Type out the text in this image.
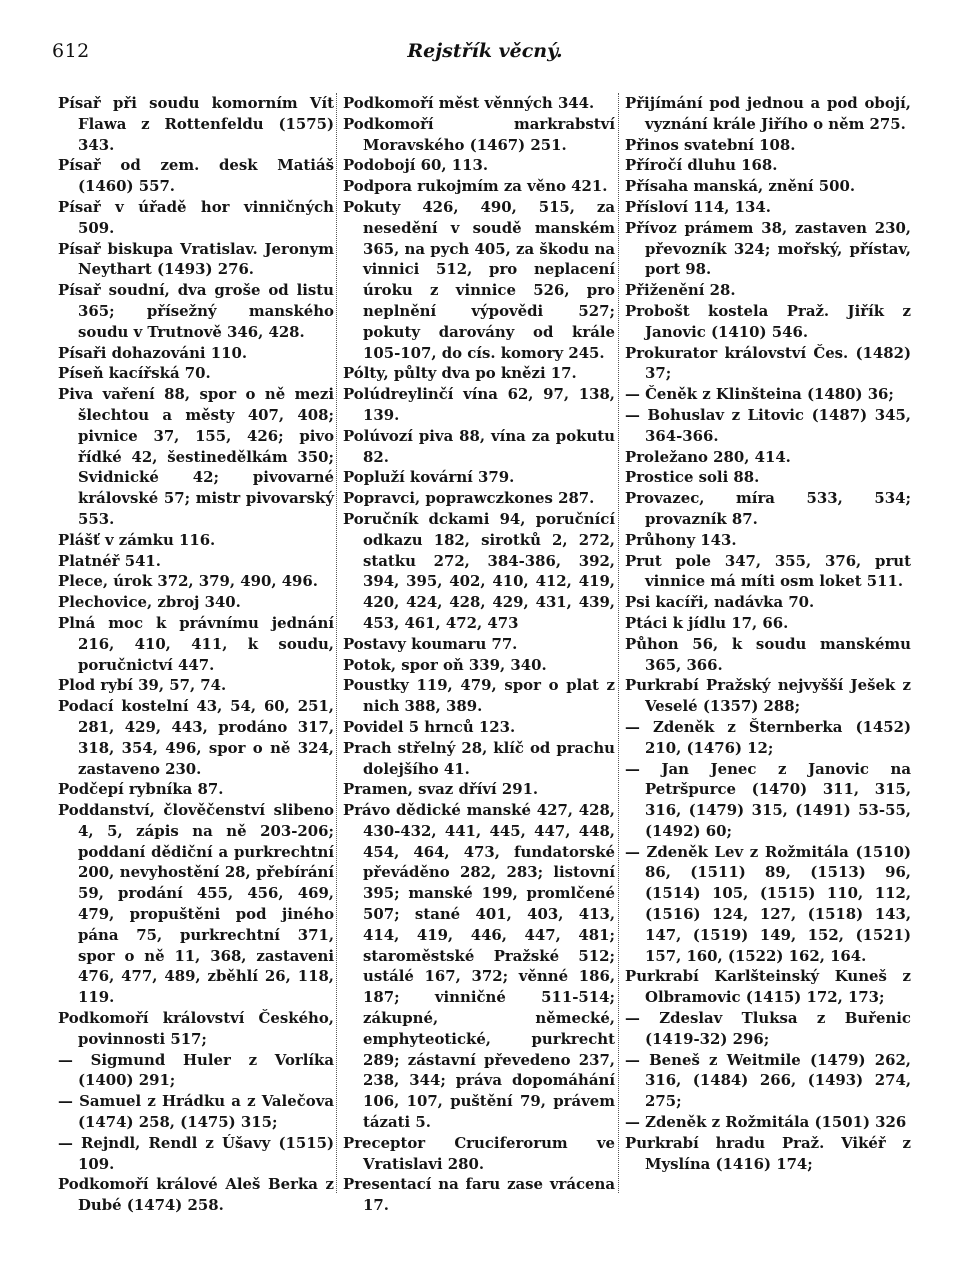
612	Rejstřík věcný.

Písař při soudu komorním Vít Flawa z Rottenfeldu (1575) 343.

Písař od zem. desk Matiáš (1460) 557.

Písař v úřadě hor vinničných 509.

Písař biskupa Vratislav. Jeronym Neythart (1493) 276.

Písař soudní, dva groše od listu 365; přísežný manského soudu v Trutnově 346, 428.

Písaři dohazováni 110.

Píseň kacířská 70.

Piva vaření 88, spor o ně mezi šlechtou a městy 407, 408; pivnice 37, 155, 426; pivo řídké 42, šestinedělkám 350; Svidnické 42; pivovarné královské 57; mistr pivovarský 553.

Plášť v zámku 116.

Platnéř 541.

Plece, úrok 372, 379, 490, 496.

Plechovice, zbroj 340.

Plná moc k právnímu jednání 216, 410, 411, k soudu, poručnictví 447.

Plod rybí 39, 57, 74.

Podací kostelní 43, 54, 60, 251, 281, 429, 443, prodáno 317, 318, 354, 496, spor o ně 324, zastaveno 230.

Podčepí rybníka 87.

Poddanství, člověčenství slibeno 4, 5, zápis na ně 203-206; poddaní dědiční a purkrechtní 200, nevyhostění 28, přebírání 59, prodání 455, 456, 469, 479, propuštěni pod jiného pána 75, purkrechtní 371, spor o ně 11, 368, zastaveni 476, 477, 489, zběhlí 26, 118, 119.

Podkomoří království Českého, povinnosti 517;

— Sigmund Huler z Vorlíka (1400) 291;

— Samuel z Hrádku a z Valečova (1474) 258, (1475) 315;

— Rejndl, Rendl z Úšavy (1515) 109.

Podkomoří králové Aleš Berka z Dubé (1474) 258.

Podkomoří měst věnných 344.

Podkomoří markrabství Moravského (1467) 251.

Podobojí 60, 113.

Podpora rukojmím za věno 421.

Pokuty 426, 490, 515, za nesedění v soudě manském 365, na pych 405, za škodu na vinnici 512, pro neplacení úroku z vinnice 526, pro neplnění výpovědi 527; pokuty darovány od krále 105-107, do cís. komory 245.

Pólty, půlty dva po knězi 17.

Polúdreylinčí vína 62, 97, 138, 139.

Polúvozí piva 88, vína za pokutu 82.

Popluží kovární 379.

Popravci, poprawczkones 287.

Poručník dckami 94, poručnící odkazu 182, sirotků 2, 272, statku 272, 384-386, 392, 394, 395, 402, 410, 412, 419, 420, 424, 428, 429, 431, 439, 453, 461, 472, 473

Postavy koumaru 77.

Potok, spor oň 339, 340.

Poustky 119, 479, spor o plat z nich 388, 389.

Povidel 5 hrnců 123.

Prach střelný 28, klíč od prachu dolejšího 41.

Pramen, svaz dříví 291.

Právo dědické manské 427, 428, 430-432, 441, 445, 447, 448, 454, 464, 473, fundatorské převáděno 282, 283; listovní 395; manské 199, promlčené 507; stané 401, 403, 413, 414, 419, 446, 447, 481; staroměstské Pražské 512; ustálé 167, 372; věnné 186, 187; vinničné 511-514; zákupné, německé, emphyteotické, purkrecht 289; zástavní převedeno 237, 238, 344; práva dopomáhání 106, 107, puštění 79, právem tázati 5.

Preceptor Cruciferorum ve Vratislavi 280.

Presentací na faru zase vrácena 17.

Přijímání pod jednou a pod obojí, vyznání krále Jiřího o něm 275.

Přinos svatební 108.

Příročí dluhu 168.

Přísaha manská, znění 500.

Přísloví 114, 134.

Přívoz prámem 38, zastaven 230, převozník 324; mořský, přístav, port 98.

Přiženění 28.

Probošt kostela Praž. Jiřík z Janovic (1410) 546.

Prokurator království Čes. (1482) 37;

— Čeněk z Klinšteina (1480) 36;

— Bohuslav z Litovic (1487) 345, 364-366.

Proležano 280, 414.

Prostice soli 88.

Provazec, míra 533, 534; provazník 87.

Průhony 143.

Prut pole 347, 355, 376, prut vinnice má míti osm loket 511.

Psi kacíři, nadávka 70.

Ptáci k jídlu 17, 66.

Půhon 56, k soudu manskému 365, 366.

Purkrabí Pražský nejvyšší Ješek z Veselé (1357) 288;

— Zdeněk z Šternberka (1452) 210, (1476) 12;

— Jan Jenec z Janovic na Petršpurce (1470) 311, 315, 316, (1479) 315, (1491) 53-55, (1492) 60;

— Zdeněk Lev z Rožmitála (1510) 86, (1511) 89, (1513) 96, (1514) 105, (1515) 110, 112, (1516) 124, 127, (1518) 143, 147, (1519) 149, 152, (1521) 157, 160, (1522) 162, 164.

Purkrabí Karlšteinský Kuneš z Olbramovic (1415) 172, 173;

— Zdeslav Tluksa z Buřenic (1419-32) 296;

— Beneš z Weitmile (1479) 262, 316, (1484) 266, (1493) 274, 275;

— Zdeněk z Rožmitála (1501) 326

Purkrabí hradu Praž. Vikéř z Myslína (1416) 174;
